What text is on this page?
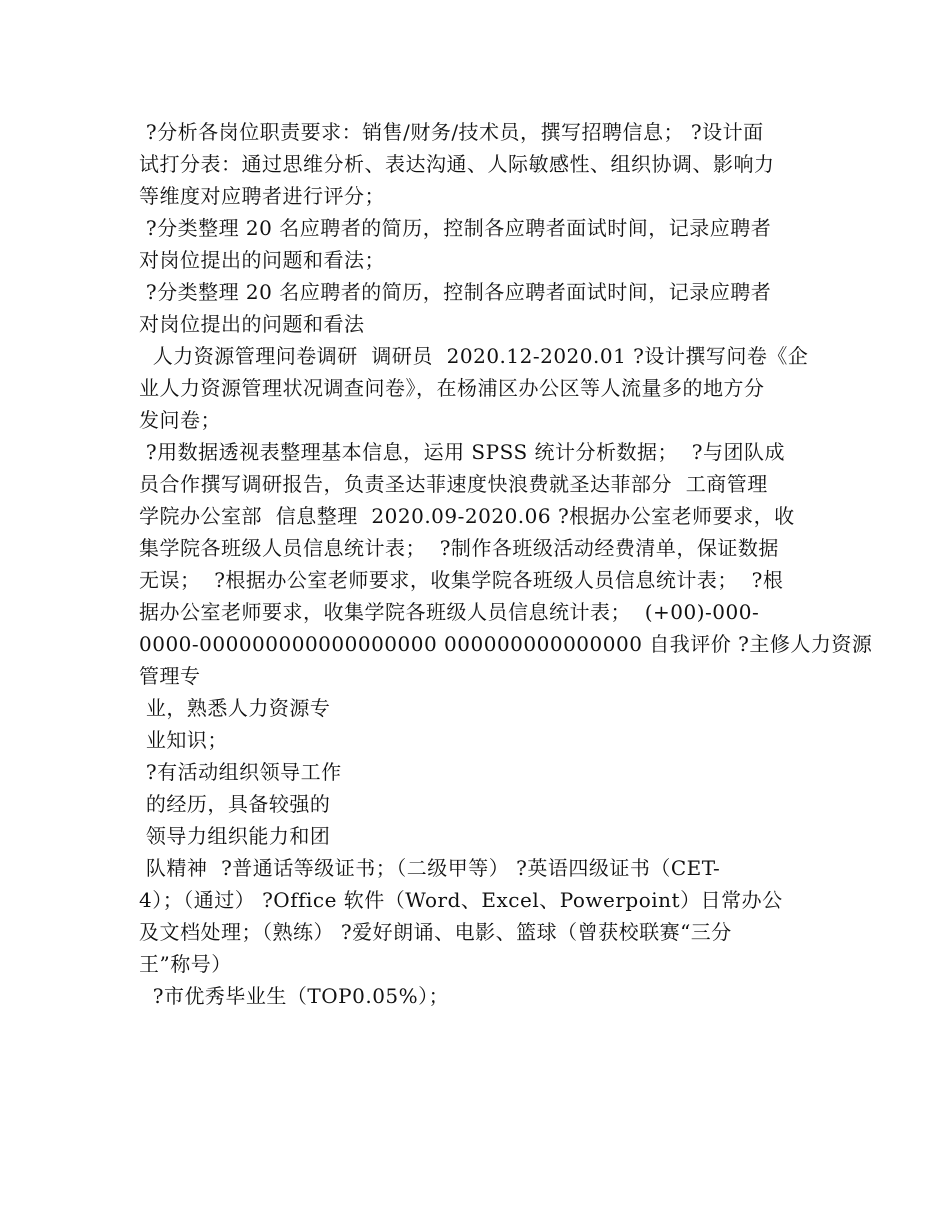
?分析各岗位职责要求：销售/财务/技术员，撰写招聘信息； ?设计面
试打分表：通过思维分析、表达沟通、人际敏感性、组织协调、影响力
等维度对应聘者进行评分；
?分类整理 20 名应聘者的简历，控制各应聘者面试时间，记录应聘者
对岗位提出的问题和看法；
?分类整理 20 名应聘者的简历，控制各应聘者面试时间，记录应聘者
对岗位提出的问题和看法
人力资源管理问卷调研  调研员  2020.12-2020.01 ?设计撰写问卷《企
业人力资源管理状况调查问卷》，在杨浦区办公区等人流量多的地方分
发问卷；
?用数据透视表整理基本信息，运用 SPSS 统计分析数据；  ?与团队成
员合作撰写调研报告，负责圣达菲速度快浪费就圣达菲部分  工商管理
学院办公室部  信息整理  2020.09-2020.06 ?根据办公室老师要求，收
集学院各班级人员信息统计表；  ?制作各班级活动经费清单，保证数据
无误；  ?根据办公室老师要求，收集学院各班级人员信息统计表；  ?根
据办公室老师要求，收集学院各班级人员信息统计表；  (+00)-000-
0000-000000000000000000 000000000000000 自我评价 ?主修人力资源
管理专
业，熟悉人力资源专
业知识；
?有活动组织领导工作
的经历，具备较强的
领导力组织能力和团
队精神  ?普通话等级证书；（二级甲等） ?英语四级证书（CET-
4）；（通过） ?Office 软件（Word、Excel、Powerpoint）日常办公
及文档处理；（熟练） ?爱好朗诵、电影、篮球（曾获校联赛“三分
王”称号）
?市优秀毕业生（TOP0.05%）；
